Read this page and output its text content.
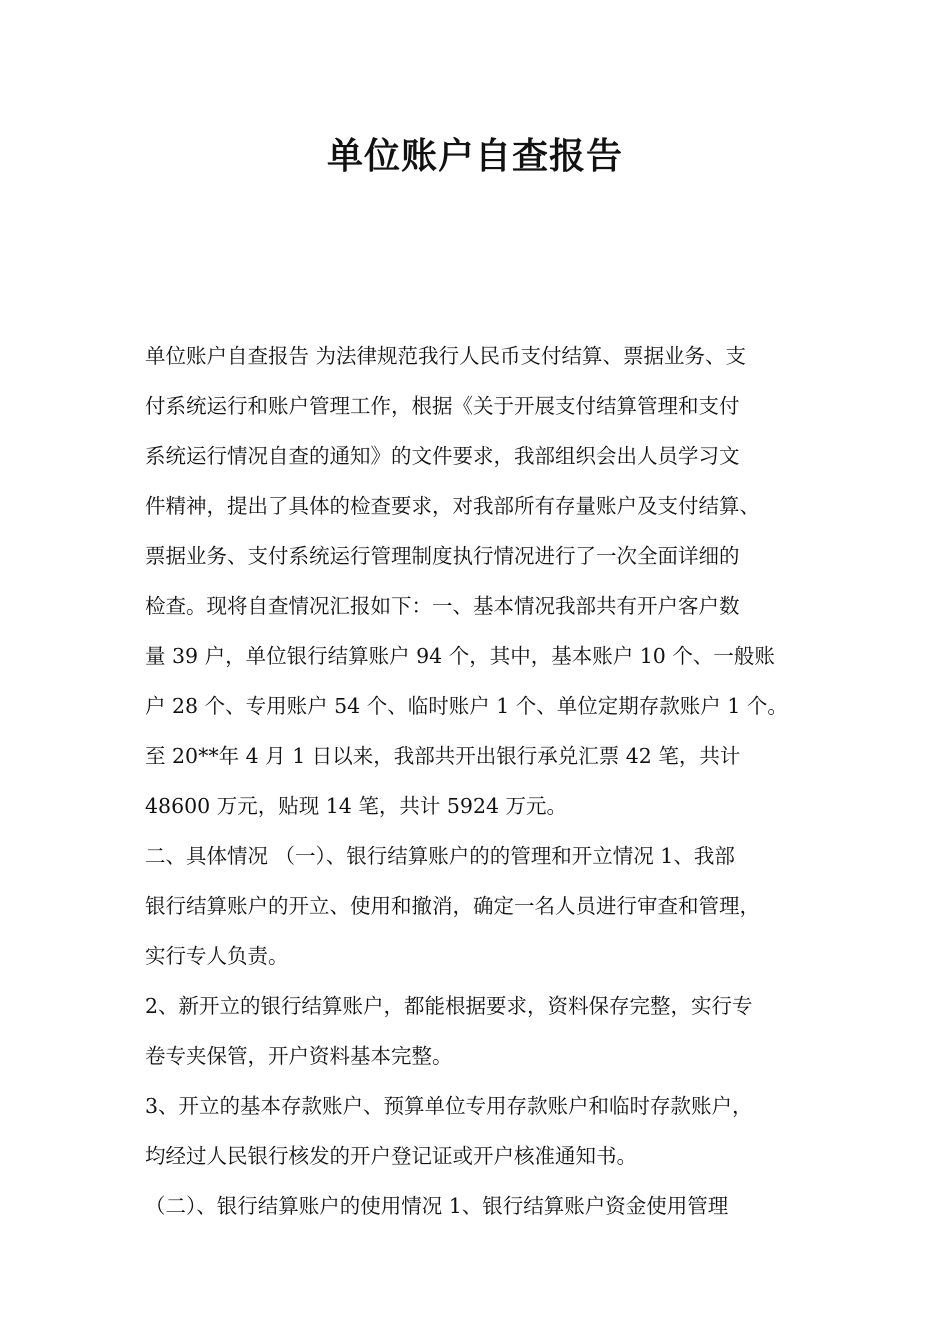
单位账户自查报告
单位账户自查报告 为法律规范我行人民币支付结算、票据业务、支
付系统运行和账户管理工作，根据《关于开展支付结算管理和支付
系统运行情况自查的通知》的文件要求，我部组织会出人员学习文
件精神，提出了具体的检查要求，对我部所有存量账户及支付结算、
票据业务、支付系统运行管理制度执行情况进行了一次全面详细的
检查。现将自查情况汇报如下：一、基本情况我部共有开户客户数
量 39 户，单位银行结算账户 94 个，其中，基本账户 10 个、一般账
户 28 个、专用账户 54 个、临时账户 1 个、单位定期存款账户 1 个。
至 20**年 4 月 1 日以来，我部共开出银行承兑汇票 42 笔，共计
48600 万元，贴现 14 笔，共计 5924 万元。
二、具体情况 （一）、银行结算账户的的管理和开立情况 1、我部
银行结算账户的开立、使用和撤消，确定一名人员进行审查和管理，
实行专人负责。
2、新开立的银行结算账户，都能根据要求，资料保存完整，实行专
卷专夹保管，开户资料基本完整。
3、开立的基本存款账户、预算单位专用存款账户和临时存款账户，
均经过人民银行核发的开户登记证或开户核准通知书。
（二）、银行结算账户的使用情况 1、银行结算账户资金使用管理
